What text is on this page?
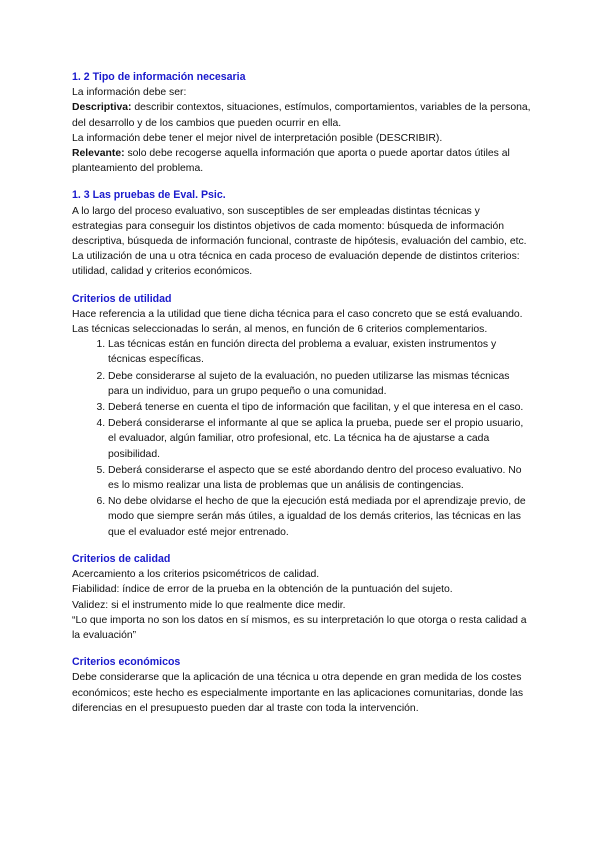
1. 2 Tipo de información necesaria

La información debe ser:

Descriptiva: describir contextos, situaciones, estímulos, comportamientos, variables de la persona, del desarrollo y de los cambios que pueden ocurrir en ella.

La información debe tener el mejor nivel de interpretación posible (DESCRIBIR).

Relevante: solo debe recogerse aquella información que aporta o puede aportar datos útiles al planteamiento del problema.

1. 3 Las pruebas de Eval. Psic.

A lo largo del proceso evaluativo, son susceptibles de ser empleadas distintas técnicas y estrategias para conseguir los distintos objetivos de cada momento: búsqueda de información descriptiva, búsqueda de información funcional, contraste de hipótesis, evaluación del cambio, etc.

La utilización de una u otra técnica en cada proceso de evaluación depende de distintos criterios: utilidad, calidad y criterios económicos.

Criterios de utilidad

Hace referencia a la utilidad que tiene dicha técnica para el caso concreto que se está evaluando. Las técnicas seleccionadas lo serán, al menos, en función de 6 criterios complementarios.

1. Las técnicas están en función directa del problema a evaluar, existen instrumentos y técnicas específicas.
2. Debe considerarse al sujeto de la evaluación, no pueden utilizarse las mismas técnicas para un individuo, para un grupo pequeño o una comunidad.
3. Deberá tenerse en cuenta el tipo de información que facilitan, y el que interesa en el caso.
4. Deberá considerarse el informante al que se aplica la prueba, puede ser el propio usuario, el evaluador, algún familiar, otro profesional, etc. La técnica ha de ajustarse a cada posibilidad.
5. Deberá considerarse el aspecto que se esté abordando dentro del proceso evaluativo. No es lo mismo realizar una lista de problemas que un análisis de contingencias.
6. No debe olvidarse el hecho de que la ejecución está mediada por el aprendizaje previo, de modo que siempre serán más útiles, a igualdad de los demás criterios, las técnicas en las que el evaluador esté mejor entrenado.
Criterios de calidad

Acercamiento a los criterios psicométricos de calidad.

Fiabilidad: índice de error de la prueba en la obtención de la puntuación del sujeto.

Validez: si el instrumento mide lo que realmente dice medir.

“Lo que importa no son los datos en sí mismos, es su interpretación lo que otorga o resta calidad a la evaluación”

Criterios económicos

Debe considerarse que la aplicación de una técnica u otra depende en gran medida de los costes económicos; este hecho es especialmente importante en las aplicaciones comunitarias, donde las diferencias en el presupuesto pueden dar al traste con toda la intervención.
